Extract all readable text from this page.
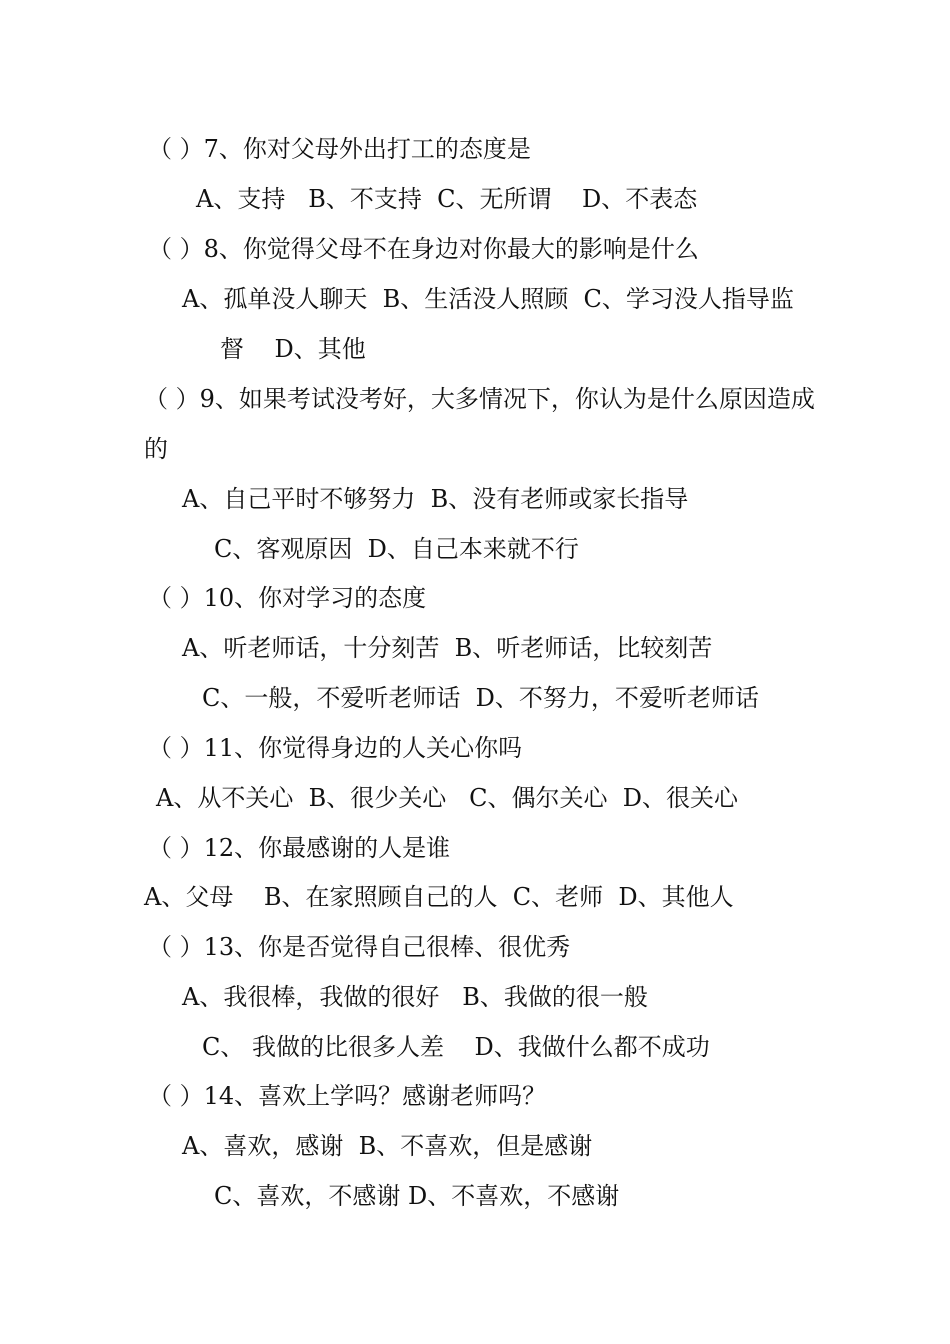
（ ）7、你对父母外出打工的态度是
A、支持   B、不支持  C、无所谓    D、不表态
（ ）8、你觉得父母不在身边对你最大的影响是什么
A、孤单没人聊天  B、生活没人照顾  C、学习没人指导监
督    D、其他
（ ）9、如果考试没考好，大多情况下，你认为是什么原因造成
的
A、自己平时不够努力  B、没有老师或家长指导
C、客观原因  D、自己本来就不行
（ ）10、你对学习的态度
A、听老师话，十分刻苦  B、听老师话，比较刻苦
C、一般，不爱听老师话  D、不努力，不爱听老师话
（ ）11、你觉得身边的人关心你吗
A、从不关心  B、很少关心   C、偶尔关心  D、很关心
（ ）12、你最感谢的人是谁
A、父母    B、在家照顾自己的人  C、老师  D、其他人
（ ）13、你是否觉得自己很棒、很优秀
A、我很棒，我做的很好   B、我做的很一般
C、 我做的比很多人差    D、我做什么都不成功
（ ）14、喜欢上学吗？感谢老师吗？
A、喜欢，感谢  B、不喜欢，但是感谢
C、喜欢，不感谢 D、不喜欢，不感谢
